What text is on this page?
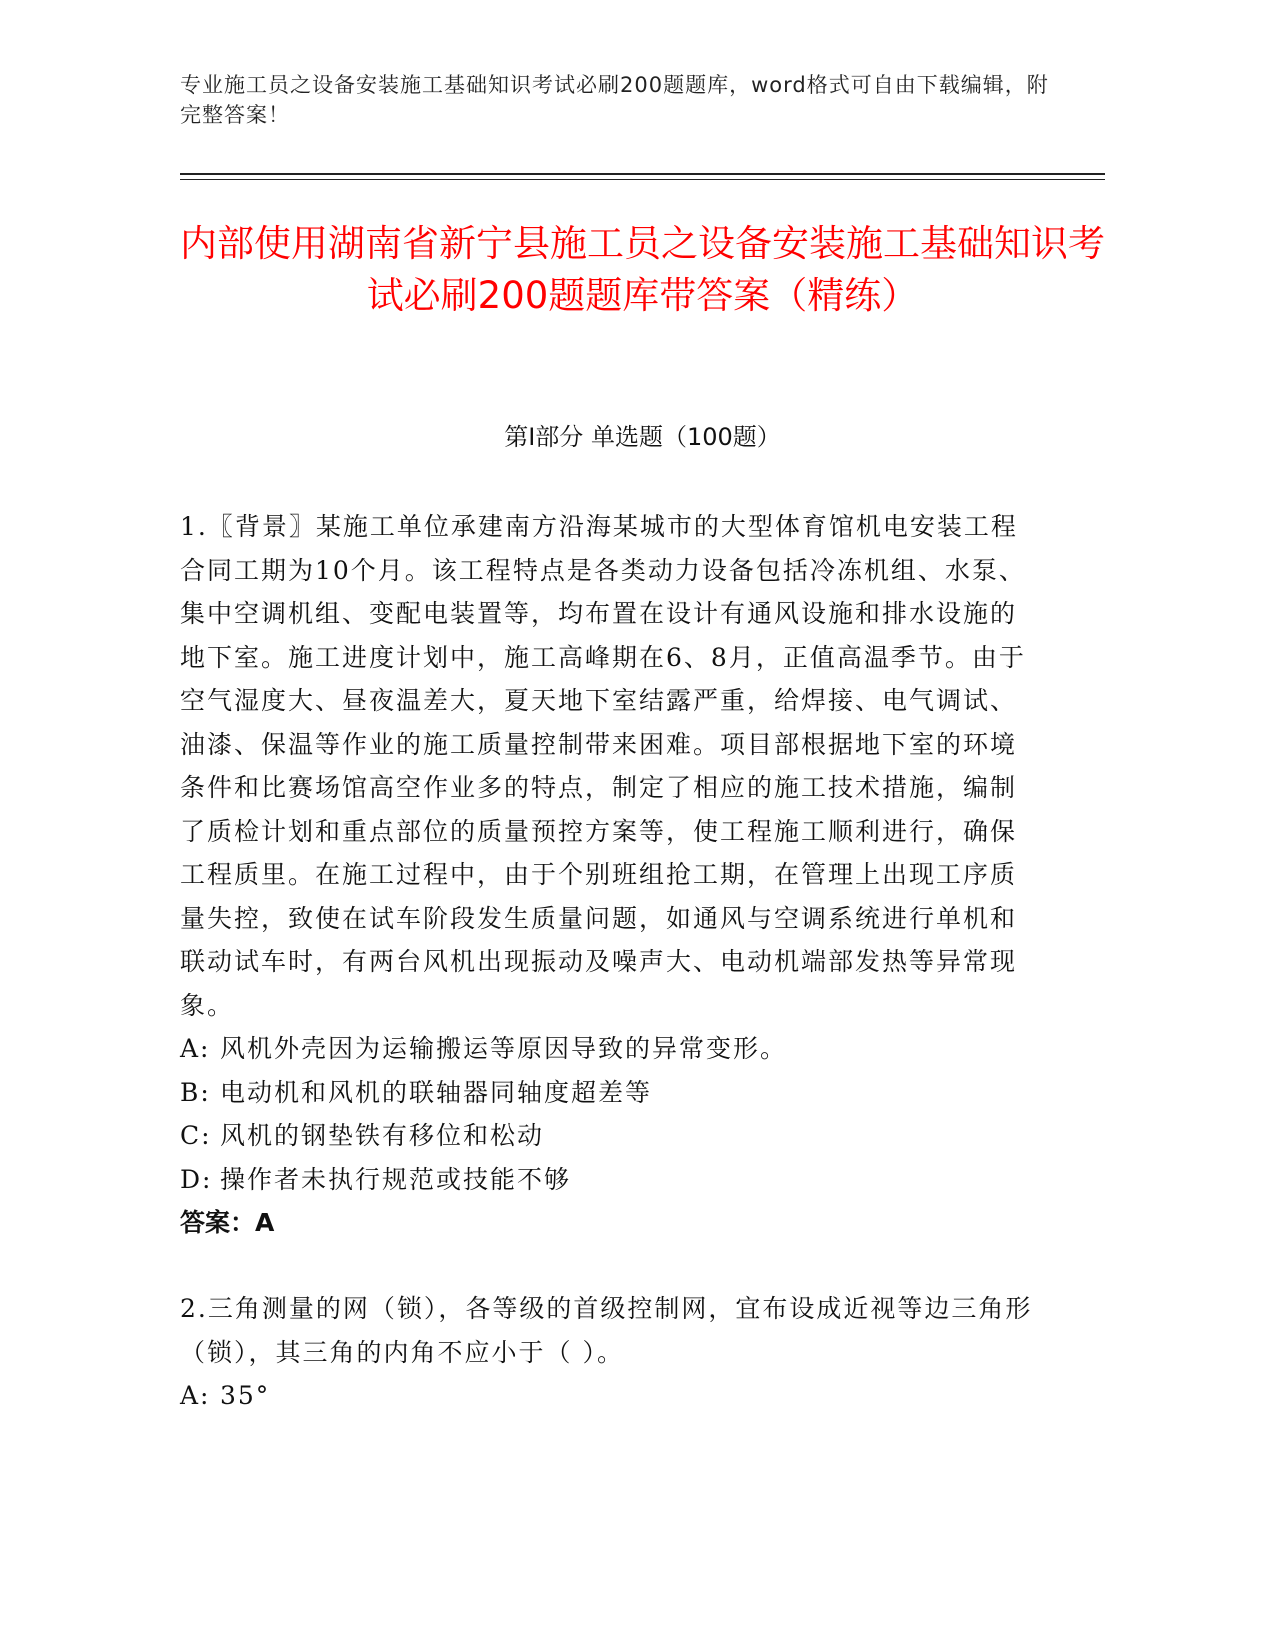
专业施工员之设备安装施工基础知识考试必刷200题题库，word格式可自由下载编辑，附完整答案！
内部使用湖南省新宁县施工员之设备安装施工基础知识考试必刷200题题库带答案（精练）
第I部分 单选题（100题）

1.〖背景〗某施工单位承建南方沿海某城市的大型体育馆机电安装工程合同工期为10个月。该工程特点是各类动力设备包括冷冻机组、水泵、集中空调机组、变配电装置等，均布置在设计有通风设施和排水设施的地下室。施工进度计划中，施工高峰期在6、8月，正值高温季节。由于空气湿度大、昼夜温差大，夏天地下室结露严重，给焊接、电气调试、油漆、保温等作业的施工质量控制带来困难。项目部根据地下室的环境条件和比赛场馆高空作业多的特点，制定了相应的施工技术措施，编制了质检计划和重点部位的质量预控方案等，使工程施工顺利进行，确保工程质里。在施工过程中，由于个别班组抢工期，在管理上出现工序质量失控，致使在试车阶段发生质量问题，如通风与空调系统进行单机和联动试车时，有两台风机出现振动及噪声大、电动机端部发热等异常现象。

A: 风机外壳因为运输搬运等原因导致的异常变形。
B: 电动机和风机的联轴器同轴度超差等
C: 风机的钢垫铁有移位和松动
D: 操作者未执行规范或技能不够
答案：A

2.三角测量的网（锁），各等级的首级控制网，宜布设成近视等边三角形（锁），其三角的内角不应小于（ ）。

A: 35°
